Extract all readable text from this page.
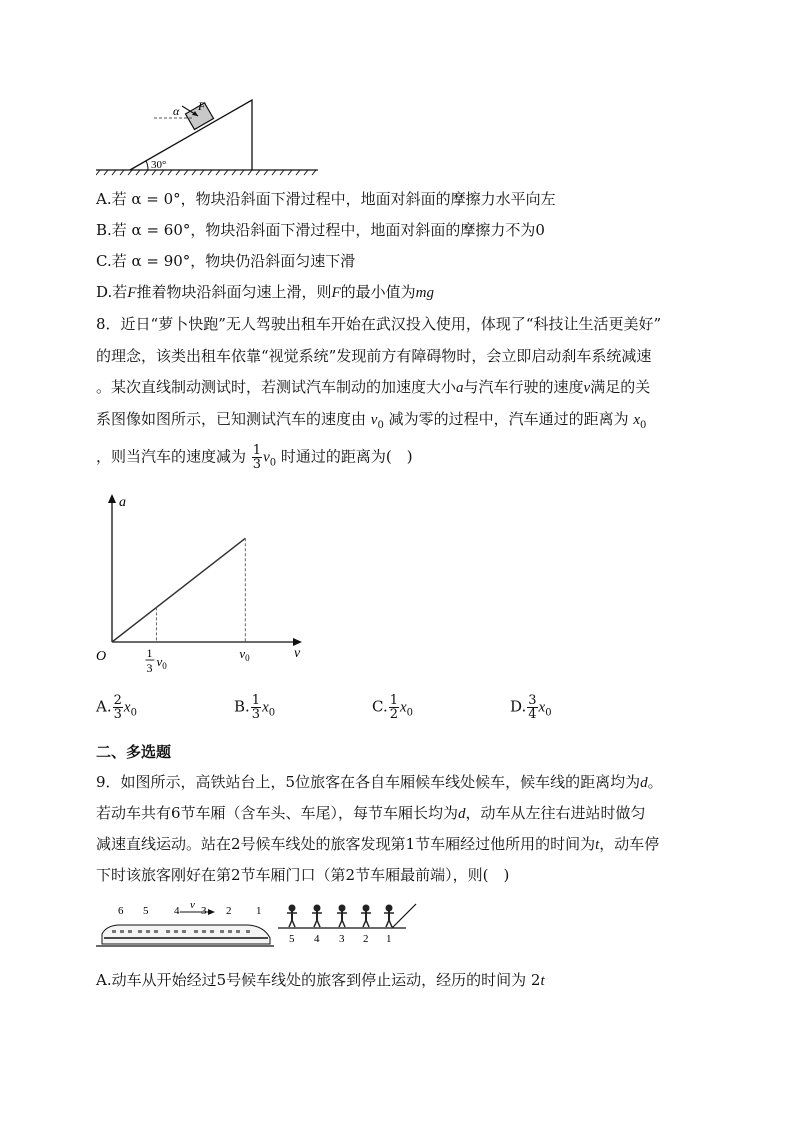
30°
α F
A.若 α = 0°，物块沿斜面下滑过程中，地面对斜面的摩擦力水平向左
B.若 α = 60°，物块沿斜面下滑过程中，地面对斜面的摩擦力不为0
C.若 α = 90°，物块仍沿斜面匀速下滑
D.若F推着物块沿斜面匀速上滑，则F的最小值为mg
8．近日“萝卜快跑”无人驾驶出租车开始在武汉投入使用，体现了“科技让生活更美好”
的理念，该类出租车依靠“视觉系统”发现前方有障碍物时，会立即启动刹车系统减速
。某次直线制动测试时，若测试汽车制动的加速度大小a与汽车行驶的速度v满足的关
系图像如图所示，已知测试汽车的速度由 $v_0$ 减为零的过程中，汽车通过的距离为 $x_0$
，则当汽车的速度减为 $\frac{1}{3} v_0$ 时通过的距离为(　)
a
v
O	$v_0$
1
3 $v_0$
A. $\frac{2}{3} x_0$	B. $\frac{1}{3} x_0$	C. $\frac{1}{2} x_0$	D. $\frac{3}{4} x_0$
二、多选题
9．如图所示，高铁站台上，5位旅客在各自车厢候车线处候车，候车线的距离均为d。
若动车共有6节车厢（含车头、车尾），每节车厢长均为d，动车从左往右进站时做匀
减速直线运动。站在2号候车线处的旅客发现第1节车厢经过他所用的时间为t，动车停
下时该旅客刚好在第2节车厢门口（第2节车厢最前端），则(　)
6 5 4 3 2 1
v
5 4 3 2 1
A.动车从开始经过5号候车线处的旅客到停止运动，经历的时间为 2t
